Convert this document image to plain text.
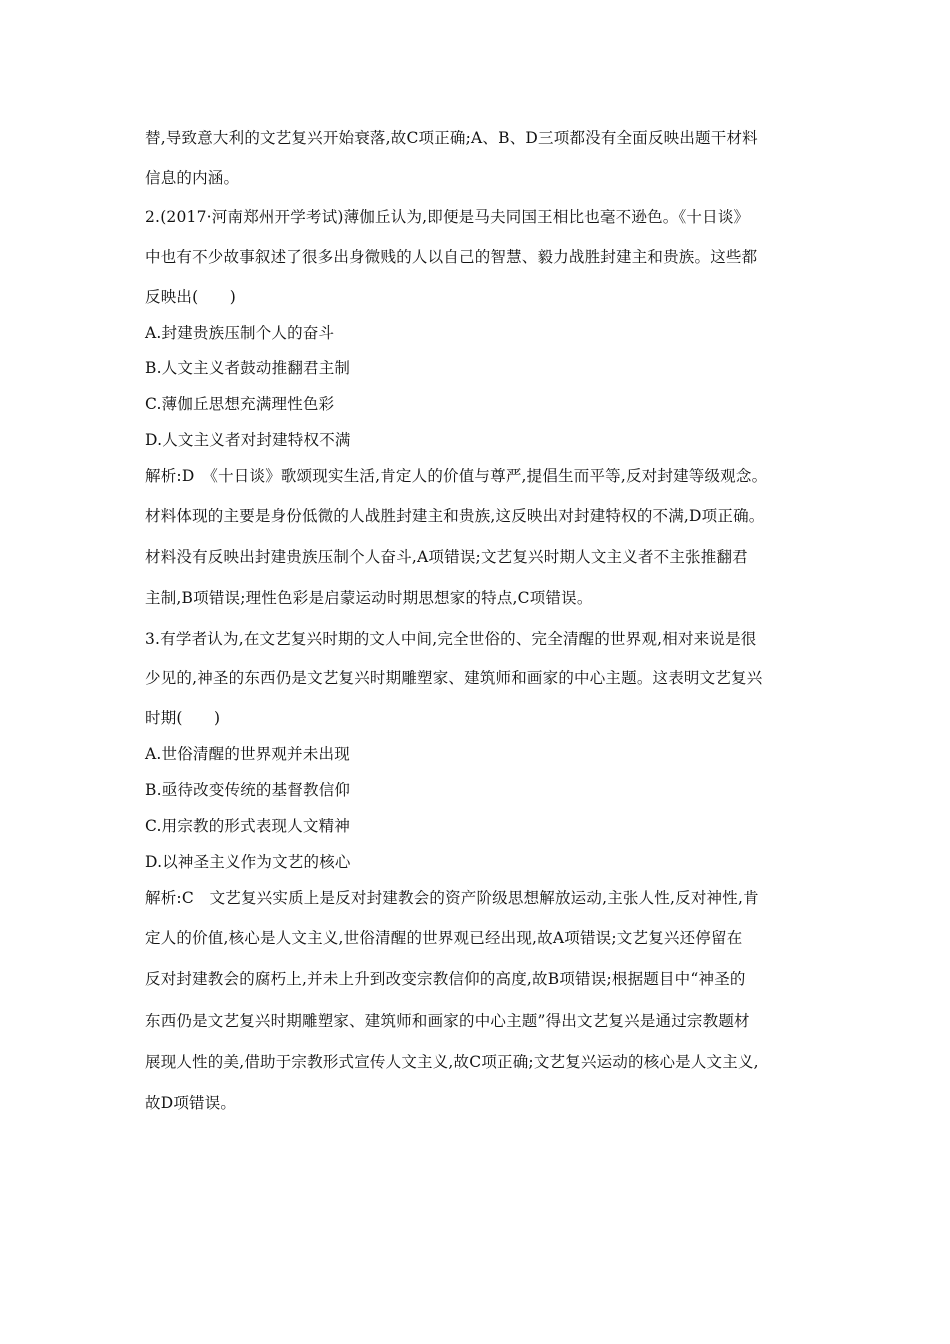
替,导致意大利的文艺复兴开始衰落,故C项正确;A、B、D三项都没有全面反映出题干材料
信息的内涵。
2.(2017·河南郑州开学考试)薄伽丘认为,即便是马夫同国王相比也毫不逊色。《十日谈》
中也有不少故事叙述了很多出身微贱的人以自己的智慧、毅力战胜封建主和贵族。这些都
反映出(　　)
A.封建贵族压制个人的奋斗
B.人文主义者鼓动推翻君主制
C.薄伽丘思想充满理性色彩
D.人文主义者对封建特权不满
解析:D　《十日谈》歌颂现实生活,肯定人的价值与尊严,提倡生而平等,反对封建等级观念。
材料体现的主要是身份低微的人战胜封建主和贵族,这反映出对封建特权的不满,D项正确。
材料没有反映出封建贵族压制个人奋斗,A项错误;文艺复兴时期人文主义者不主张推翻君
主制,B项错误;理性色彩是启蒙运动时期思想家的特点,C项错误。
3.有学者认为,在文艺复兴时期的文人中间,完全世俗的、完全清醒的世界观,相对来说是很
少见的,神圣的东西仍是文艺复兴时期雕塑家、建筑师和画家的中心主题。这表明文艺复兴
时期(　　)
A.世俗清醒的世界观并未出现
B.亟待改变传统的基督教信仰
C.用宗教的形式表现人文精神
D.以神圣主义作为文艺的核心
解析:C　文艺复兴实质上是反对封建教会的资产阶级思想解放运动,主张人性,反对神性,肯
定人的价值,核心是人文主义,世俗清醒的世界观已经出现,故A项错误;文艺复兴还停留在
反对封建教会的腐朽上,并未上升到改变宗教信仰的高度,故B项错误;根据题目中“神圣的
东西仍是文艺复兴时期雕塑家、建筑师和画家的中心主题”得出文艺复兴是通过宗教题材
展现人性的美,借助于宗教形式宣传人文主义,故C项正确;文艺复兴运动的核心是人文主义,
故D项错误。
